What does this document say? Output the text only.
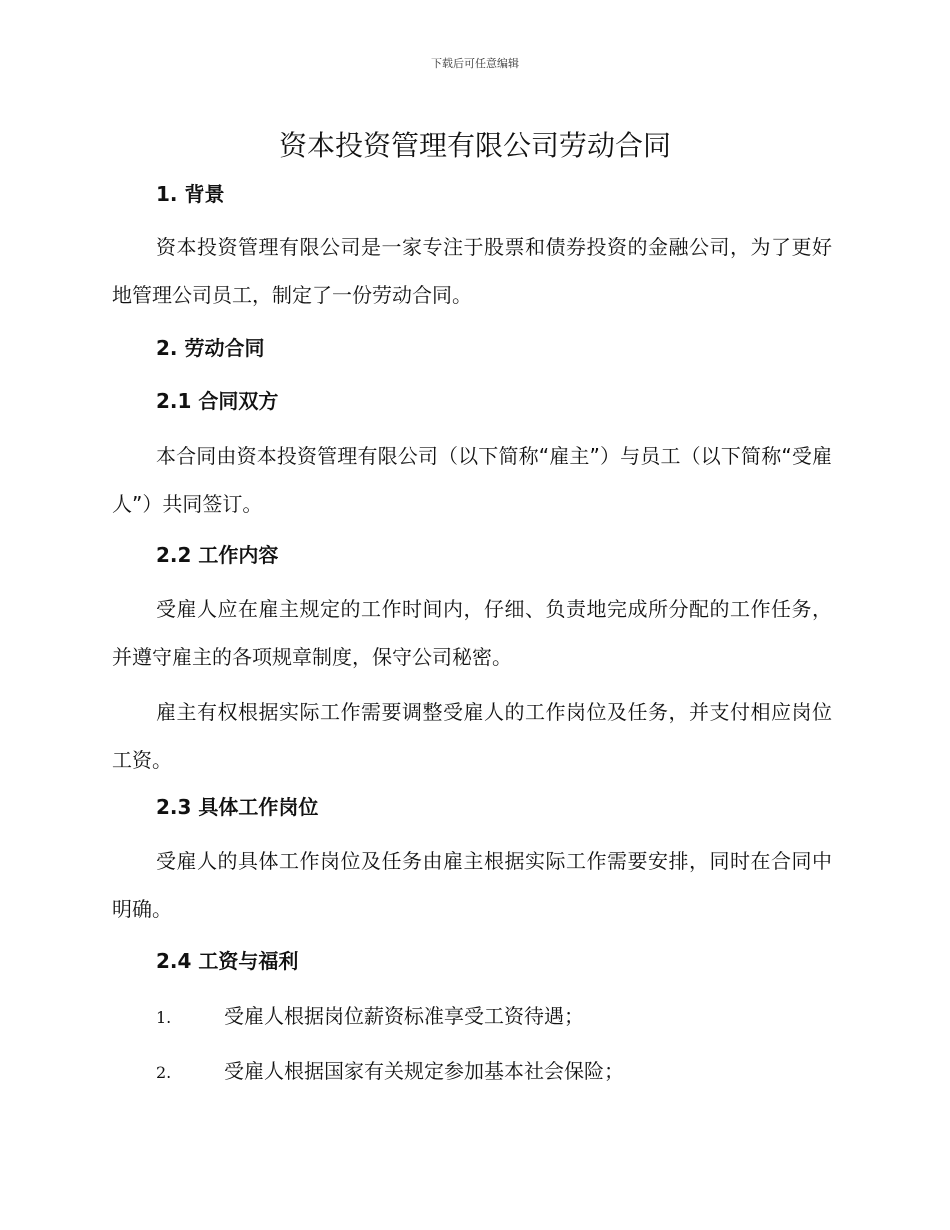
下载后可任意编辑
资本投资管理有限公司劳动合同
1. 背景

资本投资管理有限公司是一家专注于股票和债券投资的金融公司，为了更好地管理公司员工，制定了一份劳动合同。

2. 劳动合同
2.1 合同双方

本合同由资本投资管理有限公司（以下简称“雇主”）与员工（以下简称“受雇人”）共同签订。

2.2 工作内容

受雇人应在雇主规定的工作时间内，仔细、负责地完成所分配的工作任务，并遵守雇主的各项规章制度，保守公司秘密。

雇主有权根据实际工作需要调整受雇人的工作岗位及任务，并支付相应岗位工资。

2.3 具体工作岗位

受雇人的具体工作岗位及任务由雇主根据实际工作需要安排，同时在合同中明确。

2.4 工资与福利

1.	受雇人根据岗位薪资标准享受工资待遇；

2.	受雇人根据国家有关规定参加基本社会保险；
